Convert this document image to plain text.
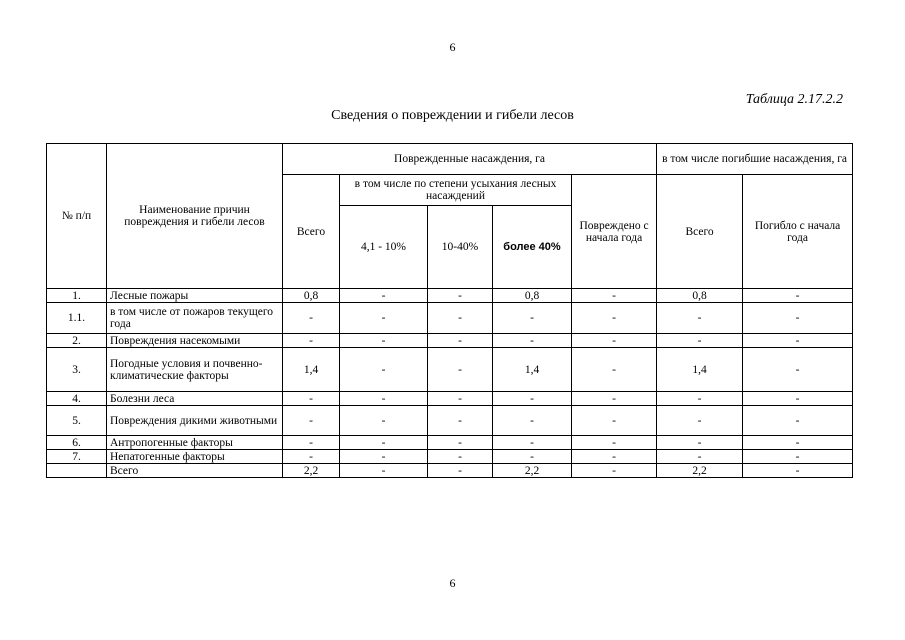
6
Таблица 2.17.2.2
Сведения о повреждении и гибели лесов
№ п/п	Наименование причин повреждения и гибели лесов	Поврежденные насаждения, га					в том числе погибшие насаждения, га	
		Всего	в том числе по степени усыхания лесных насаждений			Повреждено с начала года	Всего	Погибло с начала года
			4,1 - 10%	10-40%	более 40%			
1.	Лесные пожары	0,8	-	-	0,8	-	0,8	-
1.1.	в том числе от пожаров текущего года	-	-	-	-	-	-	-
2.	Повреждения насекомыми	-	-	-	-	-	-	-
3.	Погодные условия и почвенно-климатические факторы	1,4	-	-	1,4	-	1,4	-
4.	Болезни леса	-	-	-	-	-	-	-
5.	Повреждения дикими животными	-	-	-	-	-	-	-
6.	Антропогенные факторы	-	-	-	-	-	-	-
7.	Непатогенные факторы	-	-	-	-	-	-	-
	Всего	2,2	-	-	2,2	-	2,2	-
6
